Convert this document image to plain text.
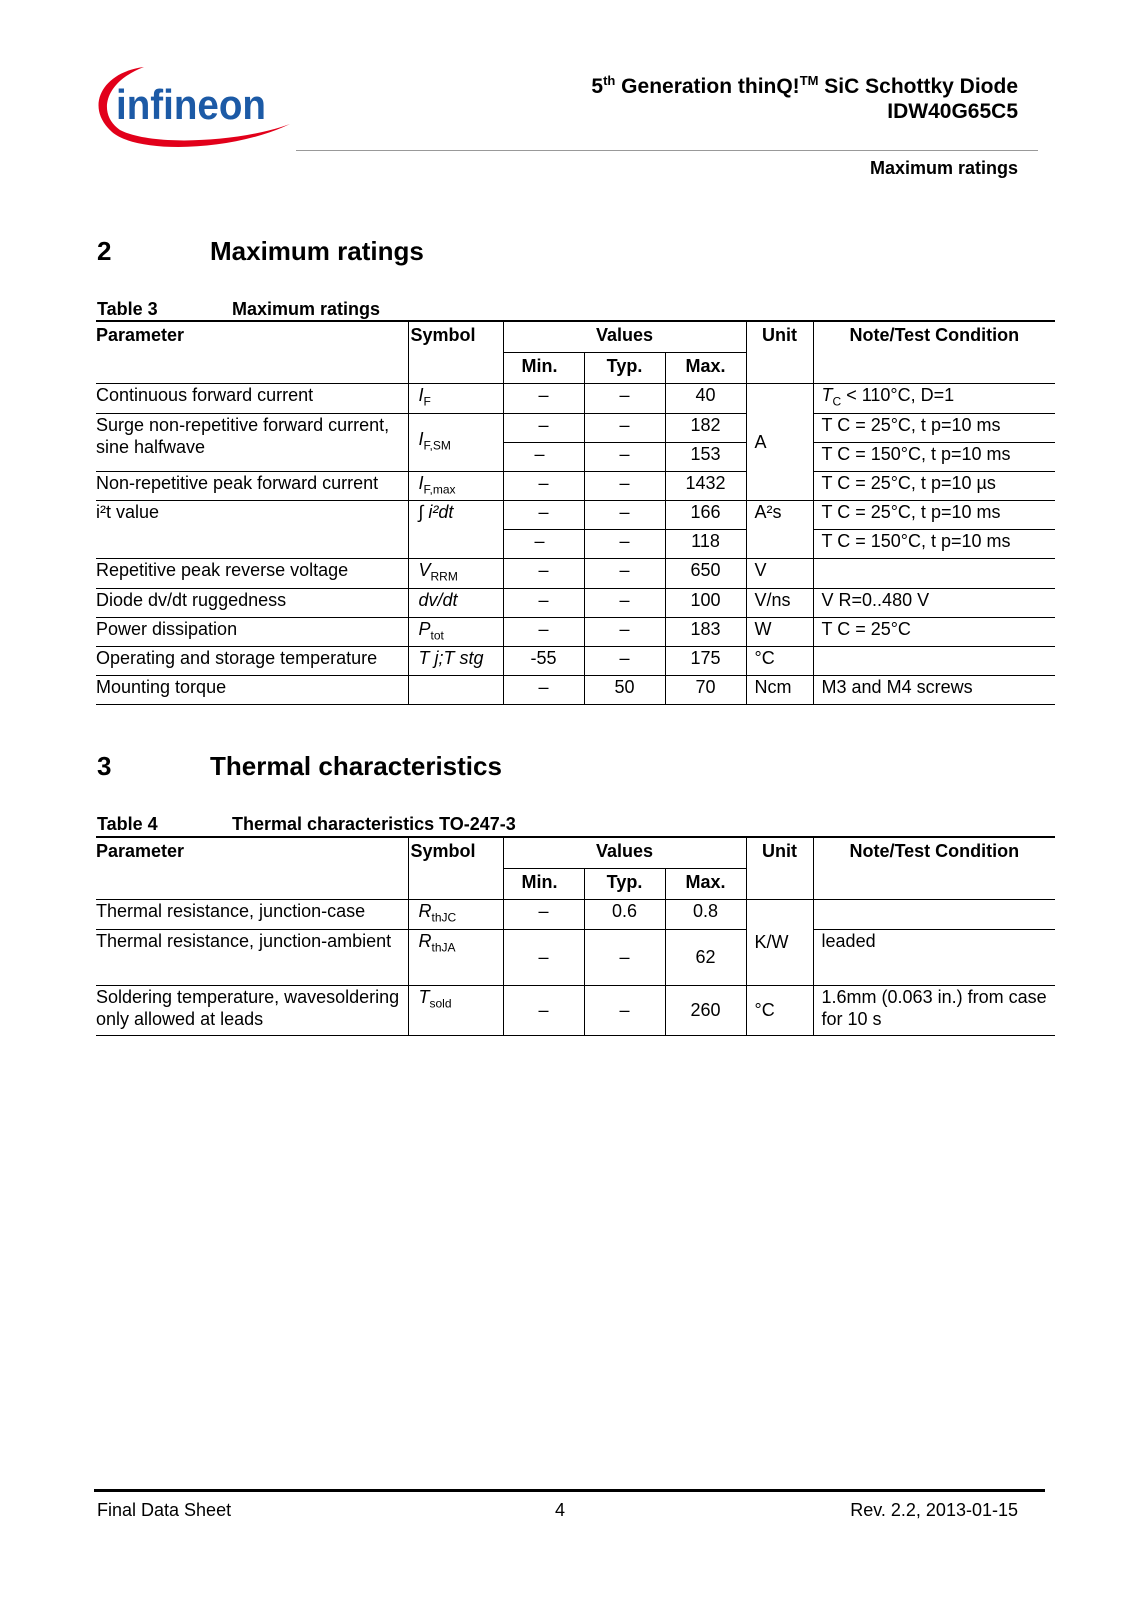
infineon	5th Generation thinQ!™ SiC Schottky Diode
IDW40G65C5
Maximum ratings
2	Maximum ratings
Table 3	Maximum ratings
Parameter	Symbol	Values			Unit	Note/Test Condition
		Min.	Typ.	Max.		
Continuous forward current	$I_F$	–	–	40	A	$T_C < 110^\circ C$, D=1
Surge non-repetitive forward current, sine halfwave	$I_{F,SM}$	–	–	182		T C = 25°C, t p=10 ms
		–	–	153		T C = 150°C, t p=10 ms
Non-repetitive peak forward current	$I_{F,max}$	–	–	1432		T C = 25°C, t p=10 µs
i²t value	∫ i²dt	–	–	166	A²s	T C = 25°C, t p=10 ms
		–	–	118		T C = 150°C, t p=10 ms
Repetitive peak reverse voltage	$V_{RRM}$	–	–	650	V	
Diode dv/dt ruggedness	dv/dt	–	–	100	V/ns	V R=0..480 V
Power dissipation	$P_{tot}$	–	–	183	W	T C = 25°C
Operating and storage temperature	T j;T stg	-55	–	175	°C	
Mounting torque		–	50	70	Ncm	M3 and M4 screws
3	Thermal characteristics
Table 4	Thermal characteristics TO-247-3
Parameter	Symbol	Values			Unit	Note/Test Condition
		Min.	Typ.	Max.		
Thermal resistance, junction-case	$R_{thJC}$	–	0.6	0.8	K/W	
Thermal resistance, junction-ambient	$R_{thJA}$	–	–	62		leaded
Soldering temperature, wavesoldering only allowed at leads	$T_{sold}$	–	–	260	°C	1.6mm (0.063 in.) from case for 10 s
Final Data Sheet	4	Rev. 2.2, 2013-01-15
